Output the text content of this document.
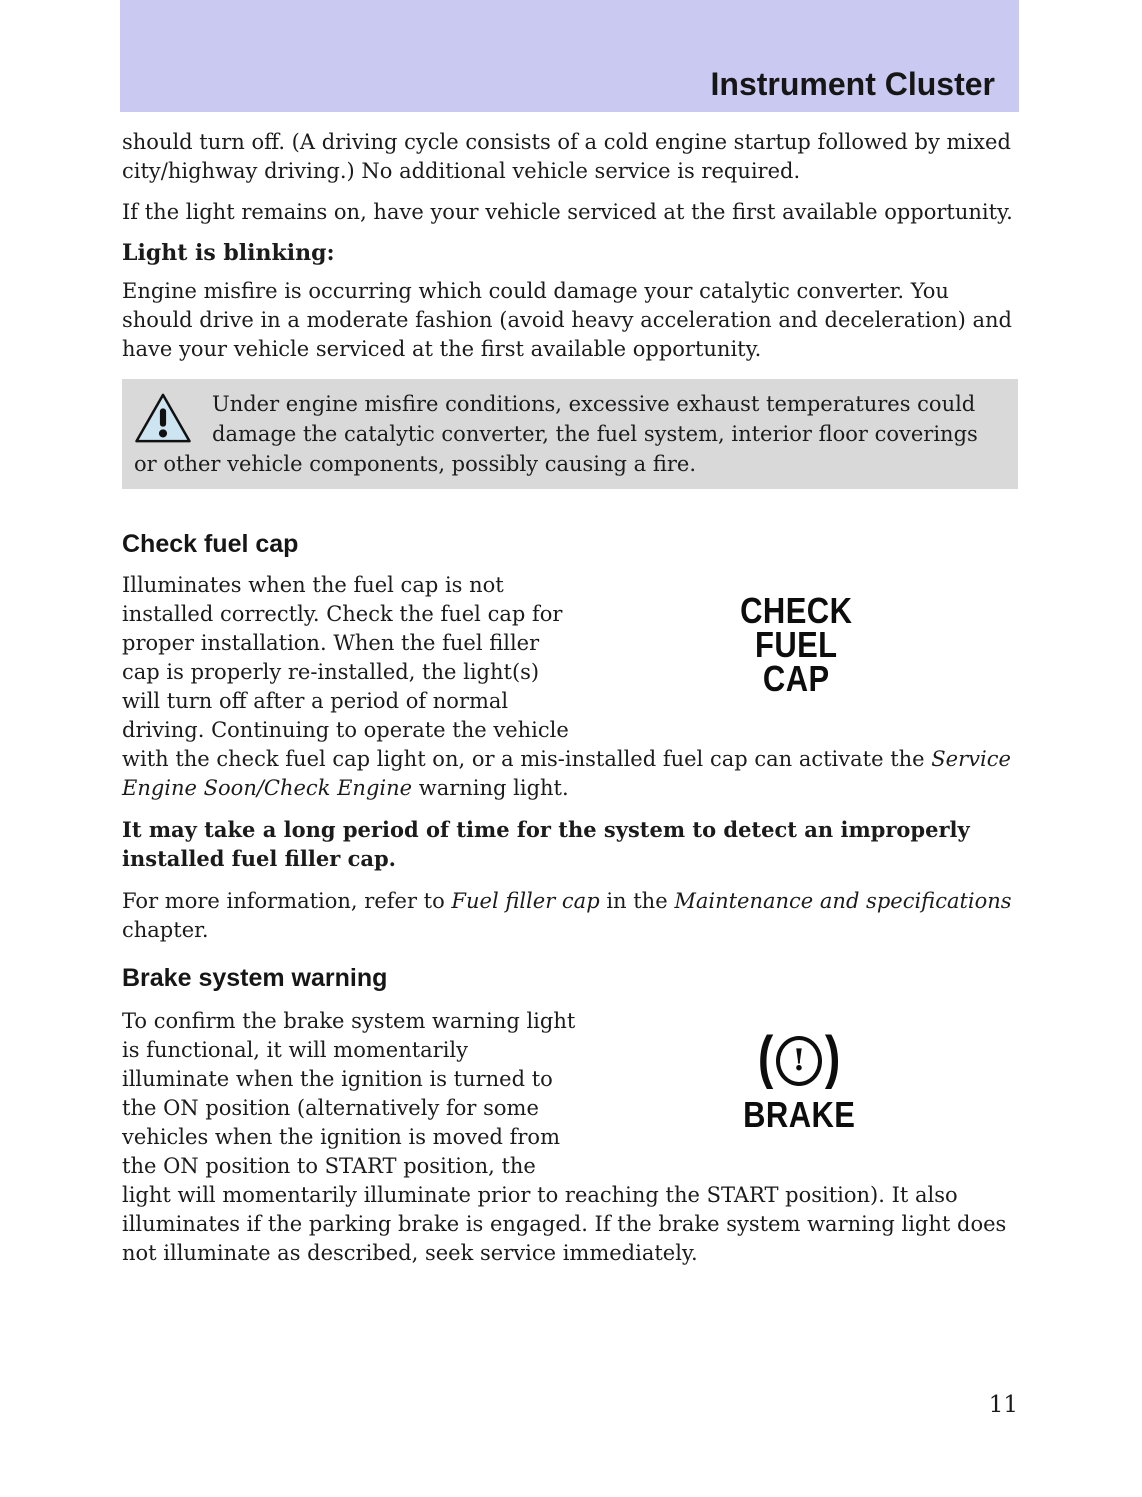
Instrument Cluster

should turn off. (A driving cycle consists of a cold engine startup followed by mixed city/highway driving.) No additional vehicle service is required.

If the light remains on, have your vehicle serviced at the first available opportunity.

Light is blinking:

Engine misfire is occurring which could damage your catalytic converter. You should drive in a moderate fashion (avoid heavy acceleration and deceleration) and have your vehicle serviced at the first available opportunity.

Under engine misfire conditions, excessive exhaust temperatures could damage the catalytic converter, the fuel system, interior floor coverings or other vehicle components, possibly causing a fire.
Check fuel cap

CHECK
FUEL
CAP
Illuminates when the fuel cap is not installed correctly. Check the fuel cap for proper installation. When the fuel filler cap is properly re-installed, the light(s) will turn off after a period of normal driving. Continuing to operate the vehicle with the check fuel cap light on, or a mis-installed fuel cap can activate the Service Engine Soon/Check Engine warning light.

It may take a long period of time for the system to detect an improperly installed fuel filler cap.

For more information, refer to Fuel filler cap in the Maintenance and specifications chapter.

Brake system warning

( ! )
BRAKE
To confirm the brake system warning light is functional, it will momentarily illuminate when the ignition is turned to the ON position (alternatively for some vehicles when the ignition is moved from the ON position to START position, the light will momentarily illuminate prior to reaching the START position). It also illuminates if the parking brake is engaged. If the brake system warning light does not illuminate as described, seek service immediately.

11
